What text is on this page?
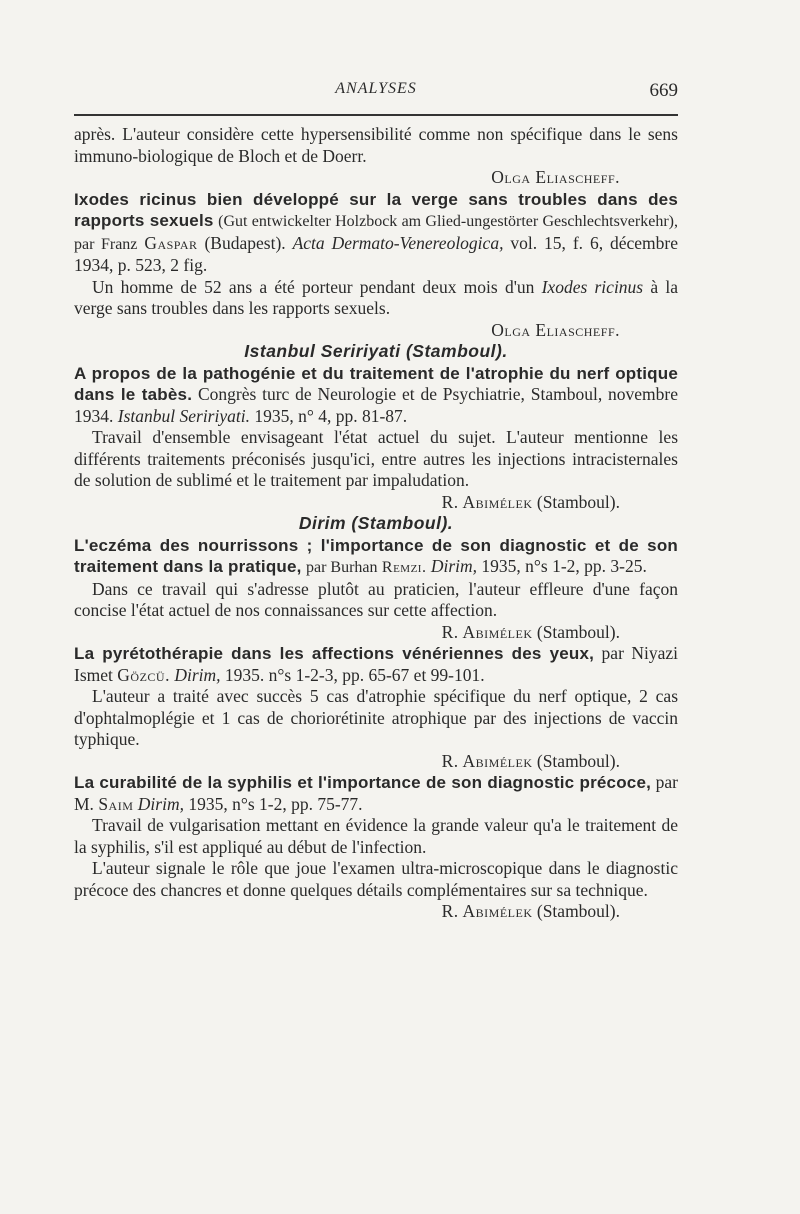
ANALYSES	669

après. L'auteur considère cette hypersensibilité comme non spécifique dans le sens immuno-biologique de Bloch et de Doerr.

Olga Eliascheff.

Ixodes ricinus bien développé sur la verge sans troubles dans des rapports sexuels (Gut entwickelter Holzbock am Glied-ungestörter Geschlechtsverkehr), par Franz Gaspar (Budapest). Acta Dermato-Venereologica, vol. 15, f. 6, décembre 1934, p. 523, 2 fig.

Un homme de 52 ans a été porteur pendant deux mois d'un Ixodes ricinus à la verge sans troubles dans les rapports sexuels.

Olga Eliascheff.

Istanbul Seririyati (Stamboul).

A propos de la pathogénie et du traitement de l'atrophie du nerf optique dans le tabès. Congrès turc de Neurologie et de Psychiatrie, Stamboul, novembre 1934. Istanbul Seririyati. 1935, n° 4, pp. 81-87.

Travail d'ensemble envisageant l'état actuel du sujet. L'auteur mentionne les différents traitements préconisés jusqu'ici, entre autres les injections intracisternales de solution de sublimé et le traitement par impaludation.

R. Abimélek (Stamboul).

Dirim (Stamboul).

L'eczéma des nourrissons ; l'importance de son diagnostic et de son traitement dans la pratique, par Burhan Remzi. Dirim, 1935, n°s 1-2, pp. 3-25.

Dans ce travail qui s'adresse plutôt au praticien, l'auteur effleure d'une façon concise l'état actuel de nos connaissances sur cette affection.

R. Abimélek (Stamboul).

La pyrétothérapie dans les affections vénériennes des yeux, par Niyazi Ismet Gözcü. Dirim, 1935. n°s 1-2-3, pp. 65-67 et 99-101.

L'auteur a traité avec succès 5 cas d'atrophie spécifique du nerf optique, 2 cas d'ophtalmoplégie et 1 cas de choriorétinite atrophique par des injections de vaccin typhique.

R. Abimélek (Stamboul).

La curabilité de la syphilis et l'importance de son diagnostic précoce, par M. Saim Dirim, 1935, n°s 1-2, pp. 75-77.

Travail de vulgarisation mettant en évidence la grande valeur qu'a le traitement de la syphilis, s'il est appliqué au début de l'infection.

L'auteur signale le rôle que joue l'examen ultra-microscopique dans le diagnostic précoce des chancres et donne quelques détails complémentaires sur sa technique.

R. Abimélek (Stamboul).
